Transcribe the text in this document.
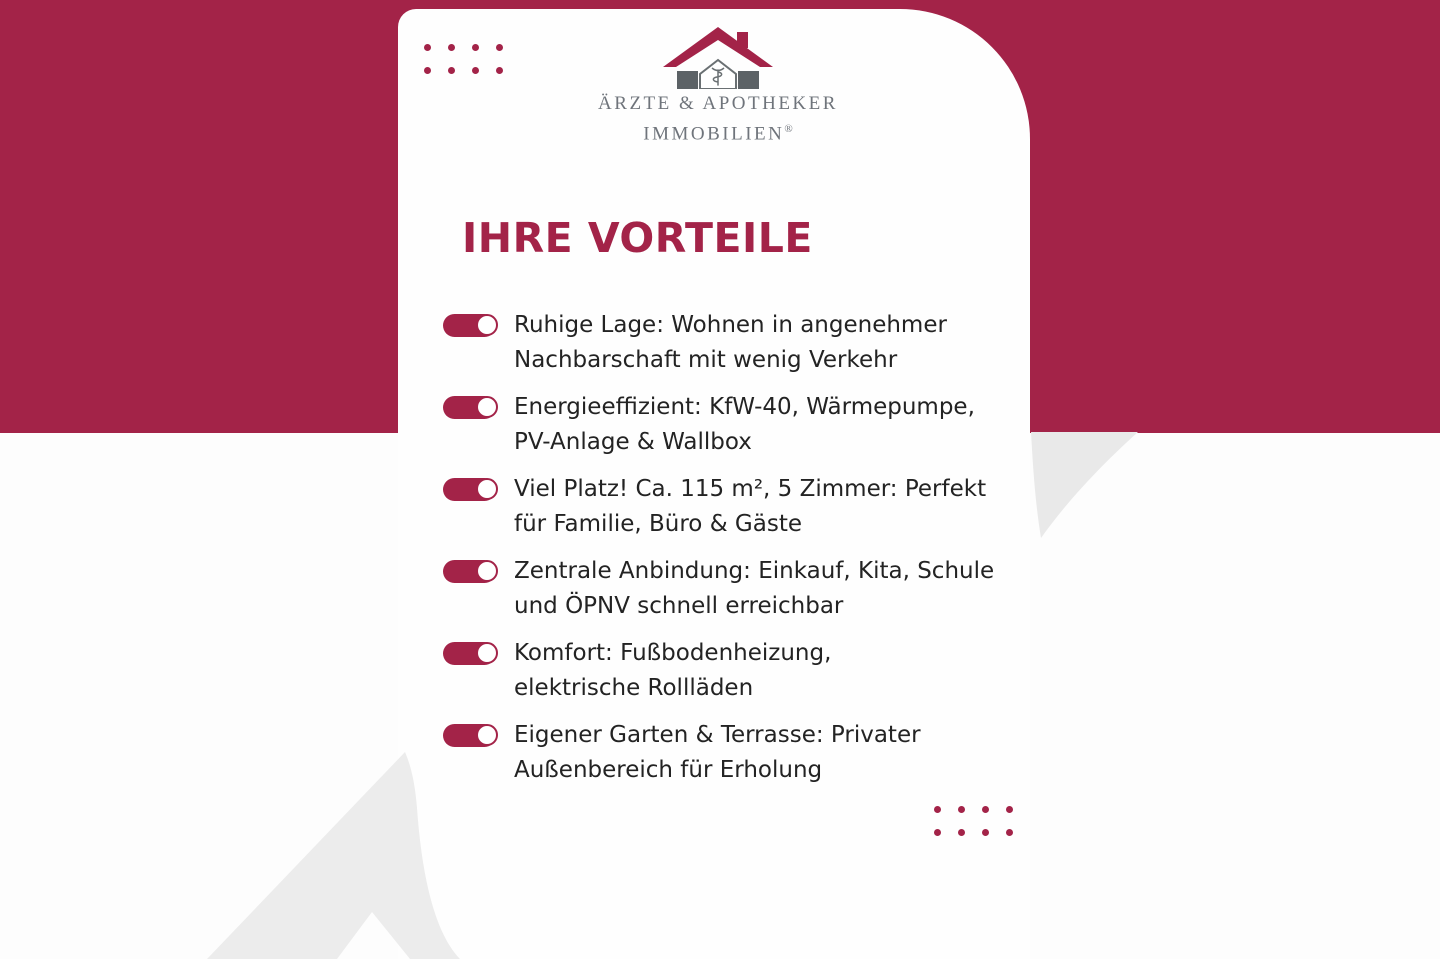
ÄRZTE & APOTHEKER
IMMOBILIEN®
IHRE VORTEILE
Ruhige Lage: Wohnen in angenehmer
Nachbarschaft mit wenig Verkehr
Energieeffizient: KfW-40, Wärmepumpe,
PV-Anlage & Wallbox
Viel Platz! Ca. 115 m², 5 Zimmer: Perfekt
für Familie, Büro & Gäste
Zentrale Anbindung: Einkauf, Kita, Schule
und ÖPNV schnell erreichbar
Komfort: Fußbodenheizung,
elektrische Rollläden
Eigener Garten & Terrasse: Privater
Außenbereich für Erholung
